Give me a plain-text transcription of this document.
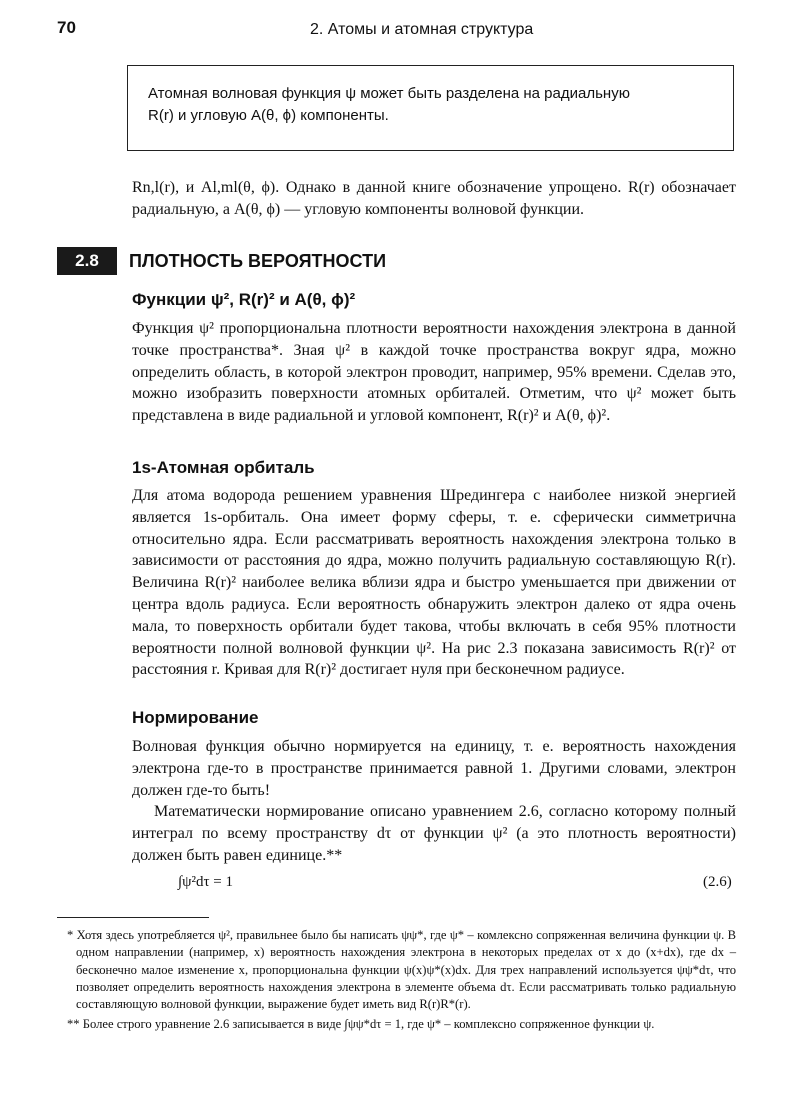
70	2. Атомы и атомная структура
Атомная волновая функция ψ может быть разделена на радиальную
R(r) и угловую A(θ, ϕ) компоненты.

Rn,l(r), и Al,ml(θ, ϕ). Однако в данной книге обозначение упрощено. R(r) обозначает радиальную, а A(θ, ϕ) — угловую компоненты волновой функции.

2.8	ПЛОТНОСТЬ ВЕРОЯТНОСТИ
Функции ψ², R(r)² и A(θ, ϕ)²

Функция ψ² пропорциональна плотности вероятности нахождения электрона в данной точке пространства*. Зная ψ² в каждой точке пространства вокруг ядра, можно определить область, в которой электрон проводит, например, 95% времени. Сделав это, можно изобразить поверхности атомных орбиталей. Отметим, что ψ² может быть представлена в виде радиальной и угловой компонент, R(r)² и A(θ, ϕ)².

1s-Атомная орбиталь

Для атома водорода решением уравнения Шредингера с наиболее низкой энергией является 1s-орбиталь. Она имеет форму сферы, т. е. сферически симметрична относительно ядра. Если рассматривать вероятность нахождения электрона только в зависимости от расстояния до ядра, можно получить радиальную составляющую R(r). Величина R(r)² наиболее велика вблизи ядра и быстро уменьшается при движении от центра вдоль радиуса. Если вероятность обнаружить электрон далеко от ядра очень мала, то поверхность орбитали будет такова, чтобы включать в себя 95% плотности вероятности полной волновой функции ψ². На рис 2.3 показана зависимость R(r)² от расстояния r. Кривая для R(r)² достигает нуля при бесконечном радиусе.

Нормирование

Волновая функция обычно нормируется на единицу, т. е. вероятность нахождения электрона где-то в пространстве принимается равной 1. Другими словами, электрон должен где-то быть!

Математически нормирование описано уравнением 2.6, согласно которому полный интеграл по всему пространству dτ от функции ψ² (а это плотность вероятности) должен быть равен единице.**

∫ψ²dτ = 1	(2.6)

* Хотя здесь употребляется ψ², правильнее было бы написать ψψ*, где ψ* – комлексно сопряженная величина функции ψ. В одном направлении (например, x) вероятность нахождения электрона в некоторых пределах от x до (x+dx), где dx – бесконечно малое изменение x, пропорциональна функции ψ(x)ψ*(x)dx. Для трех направлений используется ψψ*dτ, что позволяет определить вероятность нахождения электрона в элементе объема dτ. Если рассматривать только радиальную составляющую волновой функции, выражение будет иметь вид R(r)R*(r).

** Более строго уравнение 2.6 записывается в виде ∫ψψ*dτ = 1, где ψ* – комплексно сопряженное функции ψ.
